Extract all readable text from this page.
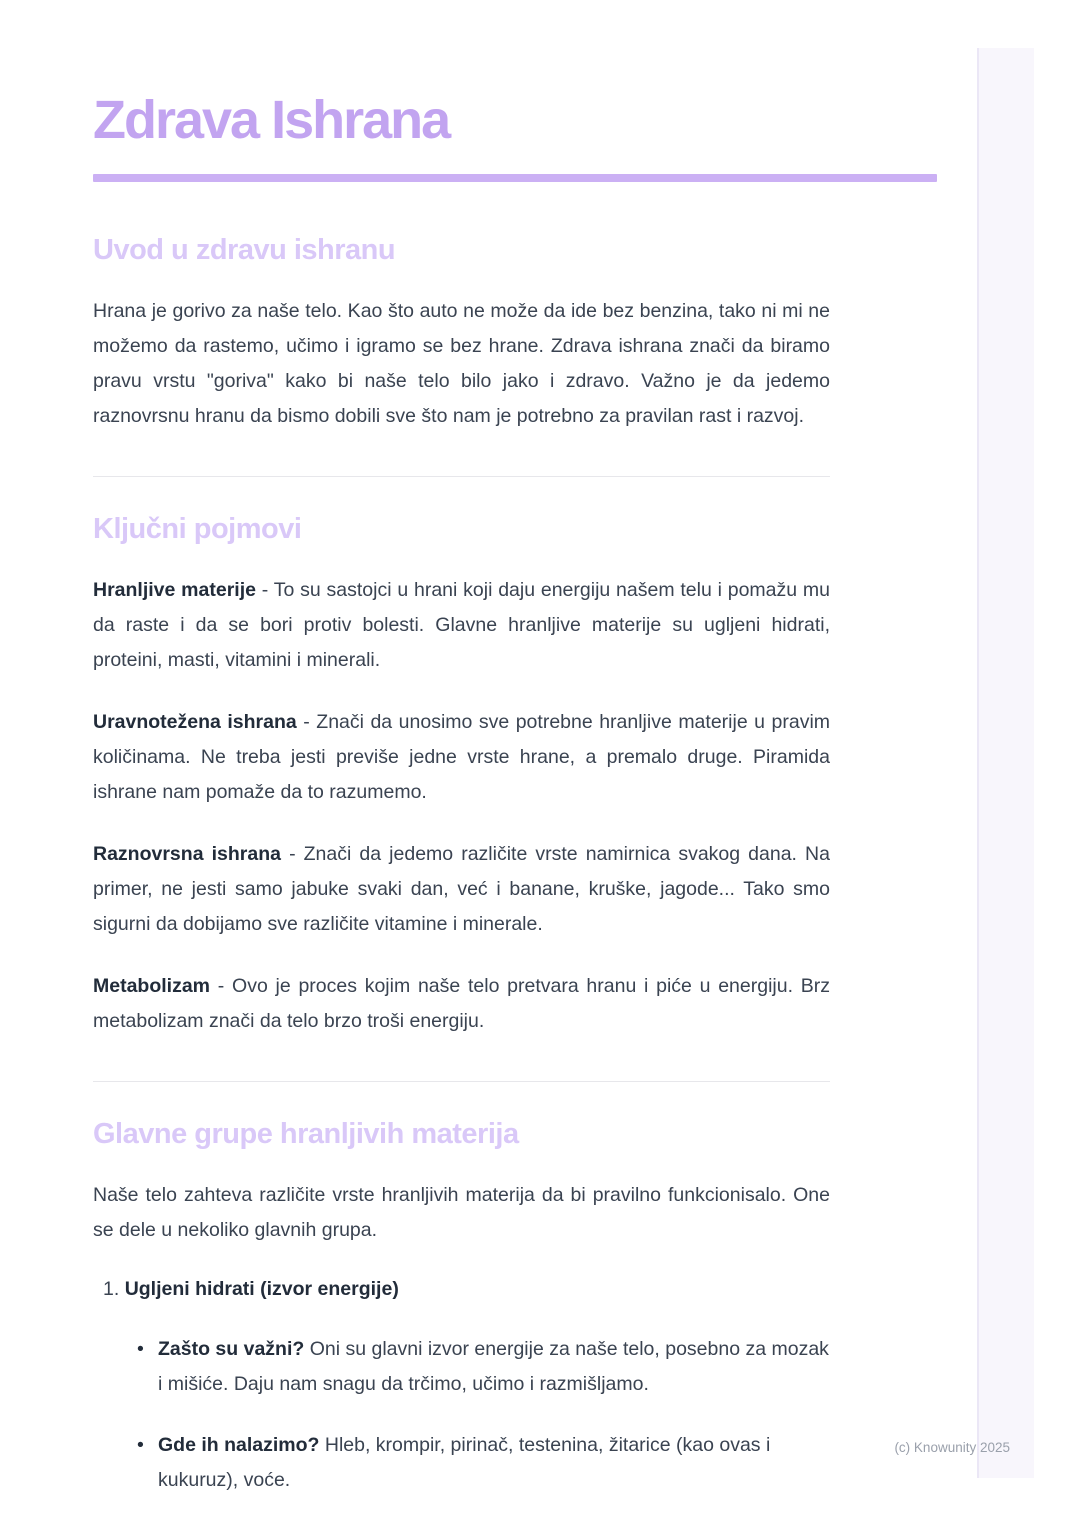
Zdrava Ishrana
Uvod u zdravu ishranu

Hrana je gorivo za naše telo. Kao što auto ne može da ide bez benzina, tako ni mi ne možemo da rastemo, učimo i igramo se bez hrane. Zdrava ishrana znači da biramo pravu vrstu "goriva" kako bi naše telo bilo jako i zdravo. Važno je da jedemo raznovrsnu hranu da bismo dobili sve što nam je potrebno za pravilan rast i razvoj.

Ključni pojmovi

Hranljive materije - To su sastojci u hrani koji daju energiju našem telu i pomažu mu da raste i da se bori protiv bolesti. Glavne hranljive materije su ugljeni hidrati, proteini, masti, vitamini i minerali.

Uravnotežena ishrana - Znači da unosimo sve potrebne hranljive materije u pravim količinama. Ne treba jesti previše jedne vrste hrane, a premalo druge. Piramida ishrane nam pomaže da to razumemo.

Raznovrsna ishrana - Znači da jedemo različite vrste namirnica svakog dana. Na primer, ne jesti samo jabuke svaki dan, već i banane, kruške, jagode... Tako smo sigurni da dobijamo sve različite vitamine i minerale.

Metabolizam - Ovo je proces kojim naše telo pretvara hranu i piće u energiju. Brz metabolizam znači da telo brzo troši energiju.

Glavne grupe hranljivih materija

Naše telo zahteva različite vrste hranljivih materija da bi pravilno funkcionisalo. One se dele u nekoliko glavnih grupa.

1. Ugljeni hidrati (izvor energije)
• Zašto su važni? Oni su glavni izvor energije za naše telo, posebno za mozak i mišiće. Daju nam snagu da trčimo, učimo i razmišljamo.
• Gde ih nalazimo? Hleb, krompir, pirinač, testenina, žitarice (kao ovas i kukuruz), voće.
(c) Knowunity 2025
